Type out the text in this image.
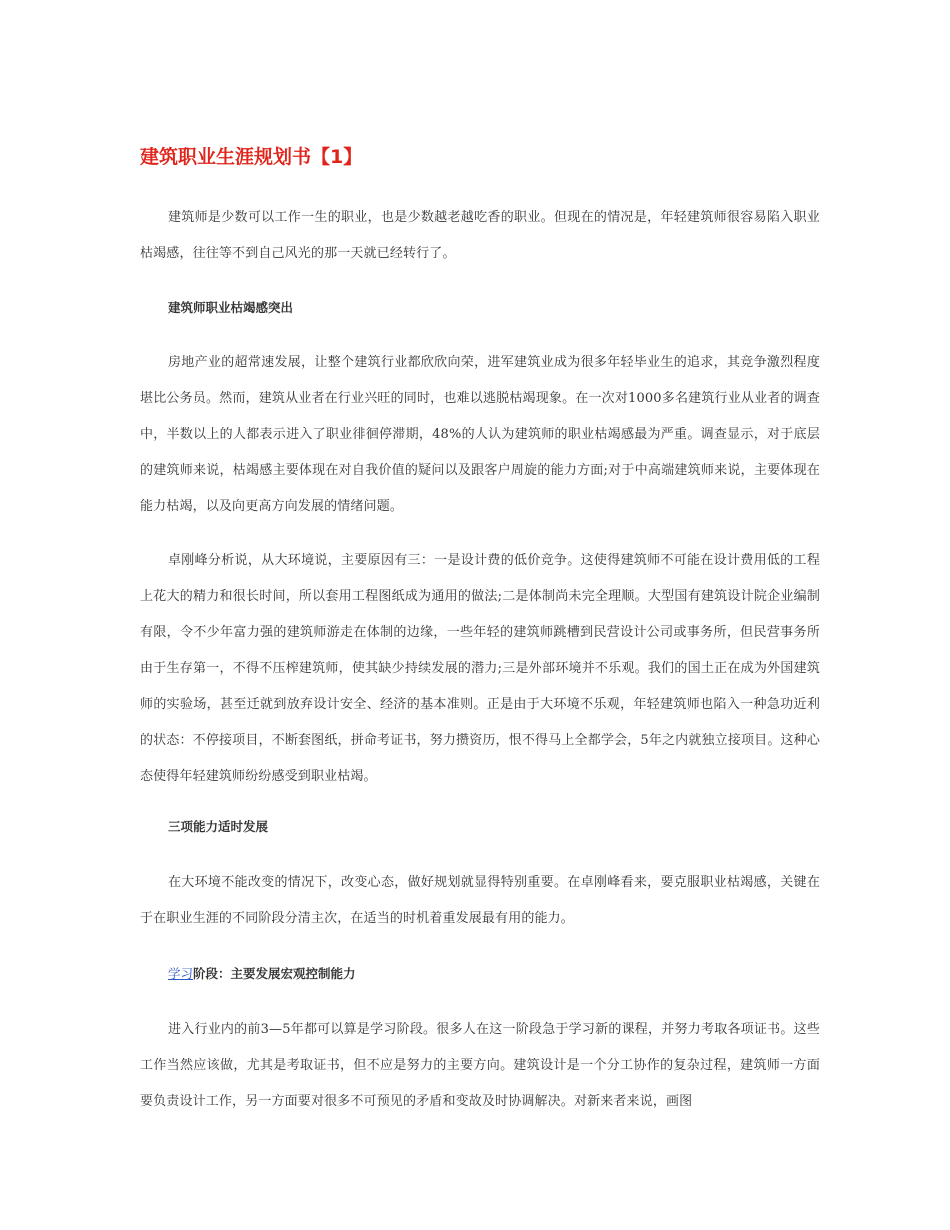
建筑职业生涯规划书【1】

建筑师是少数可以工作一生的职业，也是少数越老越吃香的职业。但现在的情况是，年轻建筑师很容易陷入职业枯竭感，往往等不到自己风光的那一天就已经转行了。

建筑师职业枯竭感突出

房地产业的超常速发展，让整个建筑行业都欣欣向荣，进军建筑业成为很多年轻毕业生的追求，其竞争激烈程度堪比公务员。然而，建筑从业者在行业兴旺的同时，也难以逃脱枯竭现象。在一次对1000多名建筑行业从业者的调查中，半数以上的人都表示进入了职业徘徊停滞期，48%的人认为建筑师的职业枯竭感最为严重。调查显示，对于底层的建筑师来说，枯竭感主要体现在对自我价值的疑问以及跟客户周旋的能力方面;对于中高端建筑师来说，主要体现在能力枯竭，以及向更高方向发展的情绪问题。

卓刚峰分析说，从大环境说，主要原因有三：一是设计费的低价竞争。这使得建筑师不可能在设计费用低的工程上花大的精力和很长时间，所以套用工程图纸成为通用的做法;二是体制尚未完全理顺。大型国有建筑设计院企业编制有限，令不少年富力强的建筑师游走在体制的边缘，一些年轻的建筑师跳槽到民营设计公司或事务所，但民营事务所由于生存第一，不得不压榨建筑师，使其缺少持续发展的潜力;三是外部环境并不乐观。我们的国土正在成为外国建筑师的实验场，甚至迁就到放弃设计安全、经济的基本准则。正是由于大环境不乐观，年轻建筑师也陷入一种急功近利的状态：不停接项目，不断套图纸，拼命考证书，努力攒资历，恨不得马上全都学会，5年之内就独立接项目。这种心态使得年轻建筑师纷纷感受到职业枯竭。

三项能力适时发展

在大环境不能改变的情况下，改变心态，做好规划就显得特别重要。在卓刚峰看来，要克服职业枯竭感，关键在于在职业生涯的不同阶段分清主次，在适当的时机着重发展最有用的能力。

学习阶段：主要发展宏观控制能力

进入行业内的前3—5年都可以算是学习阶段。很多人在这一阶段急于学习新的课程，并努力考取各项证书。这些工作当然应该做，尤其是考取证书，但不应是努力的主要方向。建筑设计是一个分工协作的复杂过程，建筑师一方面要负责设计工作，另一方面要对很多不可预见的矛盾和变故及时协调解决。对新来者来说，画图
